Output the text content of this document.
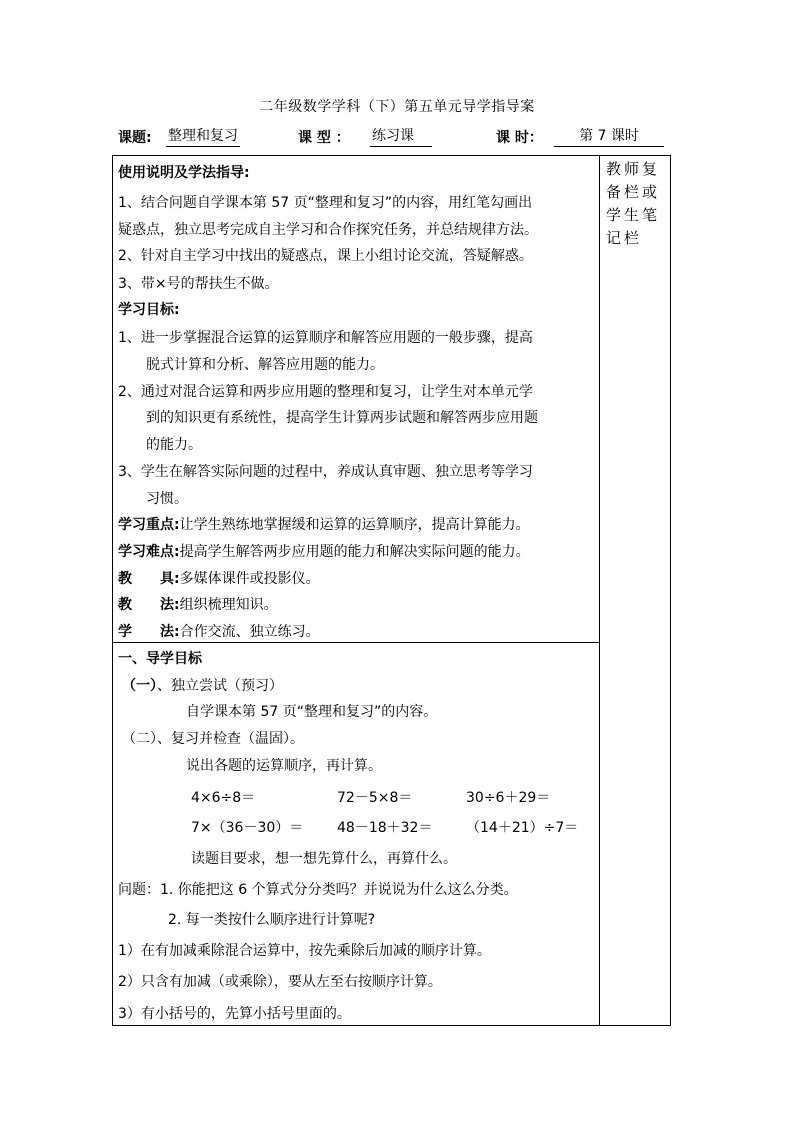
二年级数学学科（下）第五单元导学指导案
课题: 整理和复习	课 型 ： 练习课	课 时：	第 7 课时
教师复备栏或学生笔记栏
使用说明及学法指导:
1、结合问题自学课本第 57 页“整理和复习”的内容，用红笔勾画出
疑惑点，独立思考完成自主学习和合作探究任务，并总结规律方法。
2、针对自主学习中找出的疑惑点，课上小组讨论交流，答疑解惑。
3、带×号的帮扶生不做。
学习目标:
1、进一步掌握混合运算的运算顺序和解答应用题的一般步骤，提高
脱式计算和分析、解答应用题的能力。
2、通过对混合运算和两步应用题的整理和复习，让学生对本单元学
到的知识更有系统性，提高学生计算两步试题和解答两步应用题
的能力。
3、学生在解答实际问题的过程中，养成认真审题、独立思考等学习
习惯。
学习重点:让学生熟练地掌握缓和运算的运算顺序，提高计算能力。
学习难点:提高学生解答两步应用题的能力和解决实际问题的能力。
教　　具:多媒体课件或投影仪。
教　　法:组织梳理知识。
学　　法:合作交流、独立练习。
一、导学目标
（一）、独立尝试（预习）
自学课本第 57 页“整理和复习”的内容。
（二）、复习并检查（温固）。
说出各题的运算顺序，再计算。
4×6÷8＝	72－5×8＝	30÷6＋29＝
7×（36－30）＝ 48－18＋32＝ （14＋21）÷7＝
读题目要求，想一想先算什么，再算什么。
问题：1. 你能把这 6 个算式分分类吗？并说说为什么这么分类。
2. 每一类按什么顺序进行计算呢?
1）在有加减乘除混合运算中，按先乘除后加减的顺序计算。
2）只含有加减（或乘除），要从左至右按顺序计算。
3）有小括号的，先算小括号里面的。
